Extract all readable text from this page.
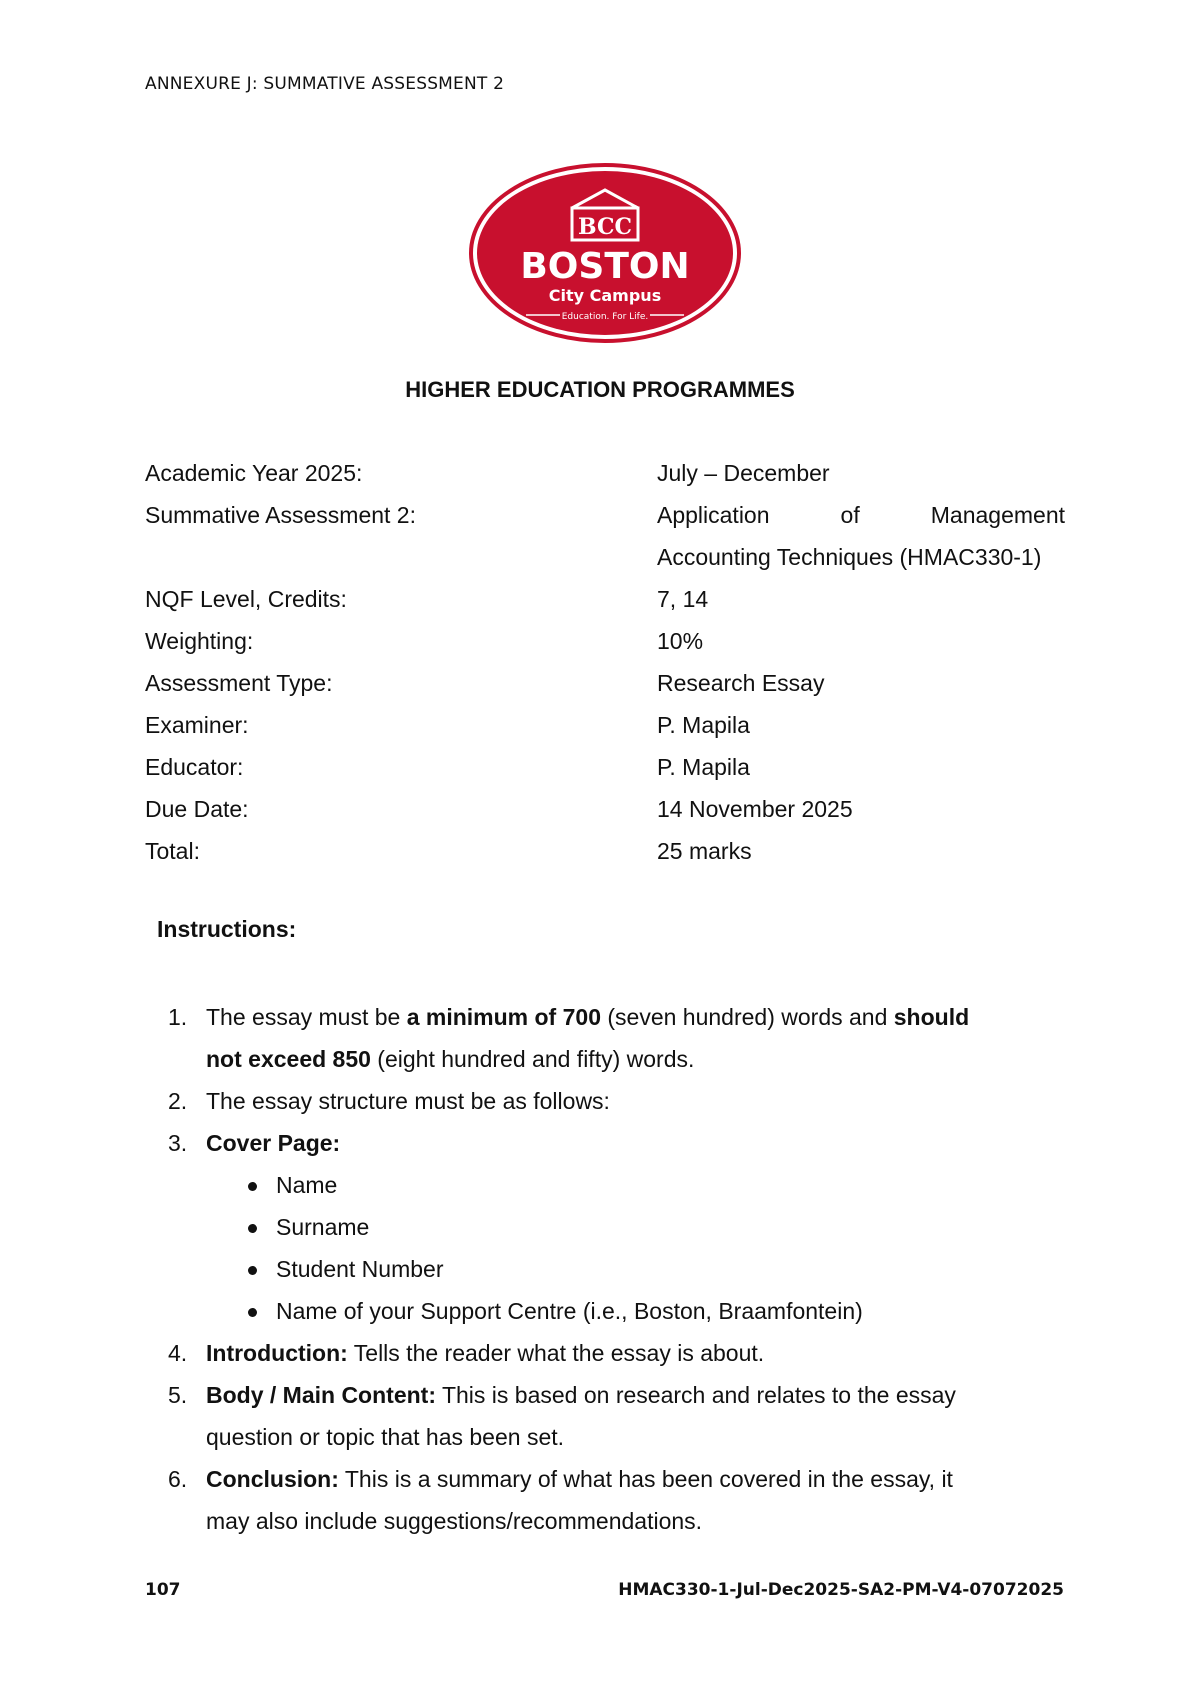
ANNEXURE J: SUMMATIVE ASSESSMENT 2
BCC
BOSTON
City Campus
Education. For Life.
HIGHER EDUCATION PROGRAMMES
Academic Year 2025:	July – December
Summative Assessment 2:	Application of Management
Accounting Techniques (HMAC330-1)
NQF Level, Credits:	7, 14
Weighting:	10%
Assessment Type:	Research Essay
Examiner:	P. Mapila
Educator:	P. Mapila
Due Date:	14 November 2025
Total:	25 marks
Instructions:
1. The essay must be a minimum of 700 (seven hundred) words and should
not exceed 850 (eight hundred and fifty) words.
2. The essay structure must be as follows:
3. Cover Page:
Name
Surname
Student Number
Name of your Support Centre (i.e., Boston, Braamfontein)
4. Introduction: Tells the reader what the essay is about.
5. Body / Main Content: This is based on research and relates to the essay
question or topic that has been set.
6. Conclusion: This is a summary of what has been covered in the essay, it
may also include suggestions/recommendations.
107	HMAC330-1-Jul-Dec2025-SA2-PM-V4-07072025
